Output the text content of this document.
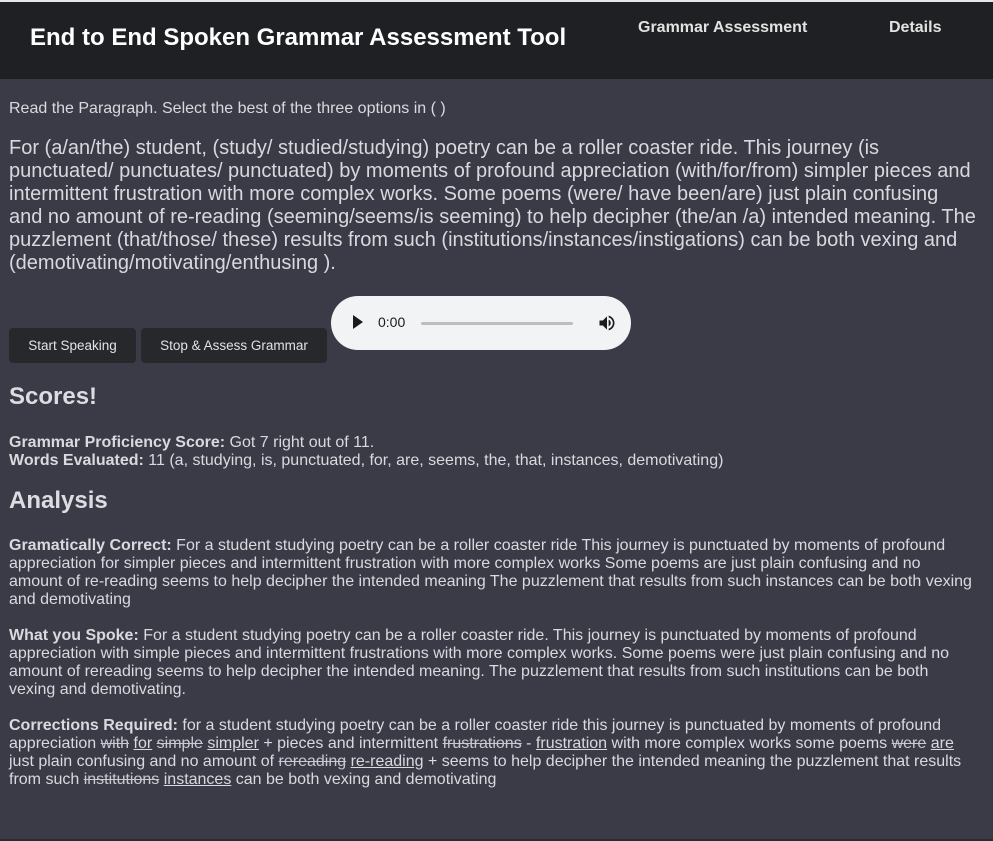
End to End Spoken Grammar Assessment Tool	Grammar Assessment	Details

Read the Paragraph. Select the best of the three options in ( )

For (a/an/the) student, (study/ studied/studying) poetry can be a roller coaster ride. This journey (is punctuated/ punctuates/ punctuated) by moments of profound appreciation (with/for/from) simpler pieces and intermittent frustration with more complex works. Some poems (were/ have been/are) just plain confusing and no amount of re-reading (seeming/seems/is seeming) to help decipher (the/an /a) intended meaning. The puzzlement (that/those/ these) results from such (institutions/instances/instigations) can be both vexing and (demotivating/motivating/enthusing ).

Start Speaking	Stop & Assess Grammar
0:00
Scores!
Grammar Proficiency Score: Got 7 right out of 11.
Words Evaluated: 11 (a, studying, is, punctuated, for, are, seems, the, that, instances, demotivating)
Analysis
Gramatically Correct: For a student studying poetry can be a roller coaster ride This journey is punctuated by moments of profound appreciation for simpler pieces and intermittent frustration with more complex works Some poems are just plain confusing and no amount of re-reading seems to help decipher the intended meaning The puzzlement that results from such instances can be both vexing and demotivating
What you Spoke: For a student studying poetry can be a roller coaster ride. This journey is punctuated by moments of profound appreciation with simple pieces and intermittent frustrations with more complex works. Some poems were just plain confusing and no amount of rereading seems to help decipher the intended meaning. The puzzlement that results from such institutions can be both vexing and demotivating.
Corrections Required: for a student studying poetry can be a roller coaster ride this journey is punctuated by moments of profound appreciation with for simple simpler + pieces and intermittent frustrations - frustration with more complex works some poems were are just plain confusing and no amount of rereading re-reading + seems to help decipher the intended meaning the puzzlement that results from such institutions instances can be both vexing and demotivating
